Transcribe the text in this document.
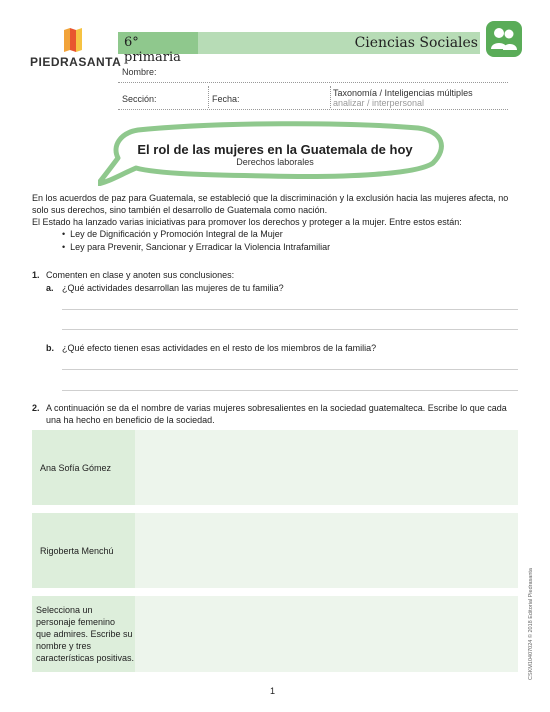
PIEDRASANTA
6° primaria
Ciencias Sociales
Nombre:
Sección:	Fecha:
Taxonomía / Inteligencias múltiples
analizar / interpersonal
El rol de las mujeres en la Guatemala de hoy
Derechos laborales
En los acuerdos de paz para Guatemala, se estableció que la discriminación y la exclusión hacia las mujeres afecta, no
solo sus derechos, sino también el desarrollo de Guatemala como nación.
El Estado ha lanzado varias iniciativas para promover los derechos y proteger a la mujer. Entre estos están:
•  Ley de Dignificación y Promoción Integral de la Mujer
•  Ley para Prevenir, Sancionar y Erradicar la Violencia Intrafamiliar
1. Comenten en clase y anoten sus conclusiones:
a. ¿Qué actividades desarrollan las mujeres de tu familia?
b. ¿Qué efecto tienen esas actividades en el resto de los miembros de la familia?
2. A continuación se da el nombre de varias mujeres sobresalientes en la sociedad guatemalteca. Escribe lo que cada
una ha hecho en beneficio de la sociedad.
Ana Sofía Gómez
Rigoberta Menchú
Selecciona un
personaje femenino
que admires. Escribe su
nombre y tres
características positivas.	CSKM10407024 © 2018 Editorial Piedrasanta
1
